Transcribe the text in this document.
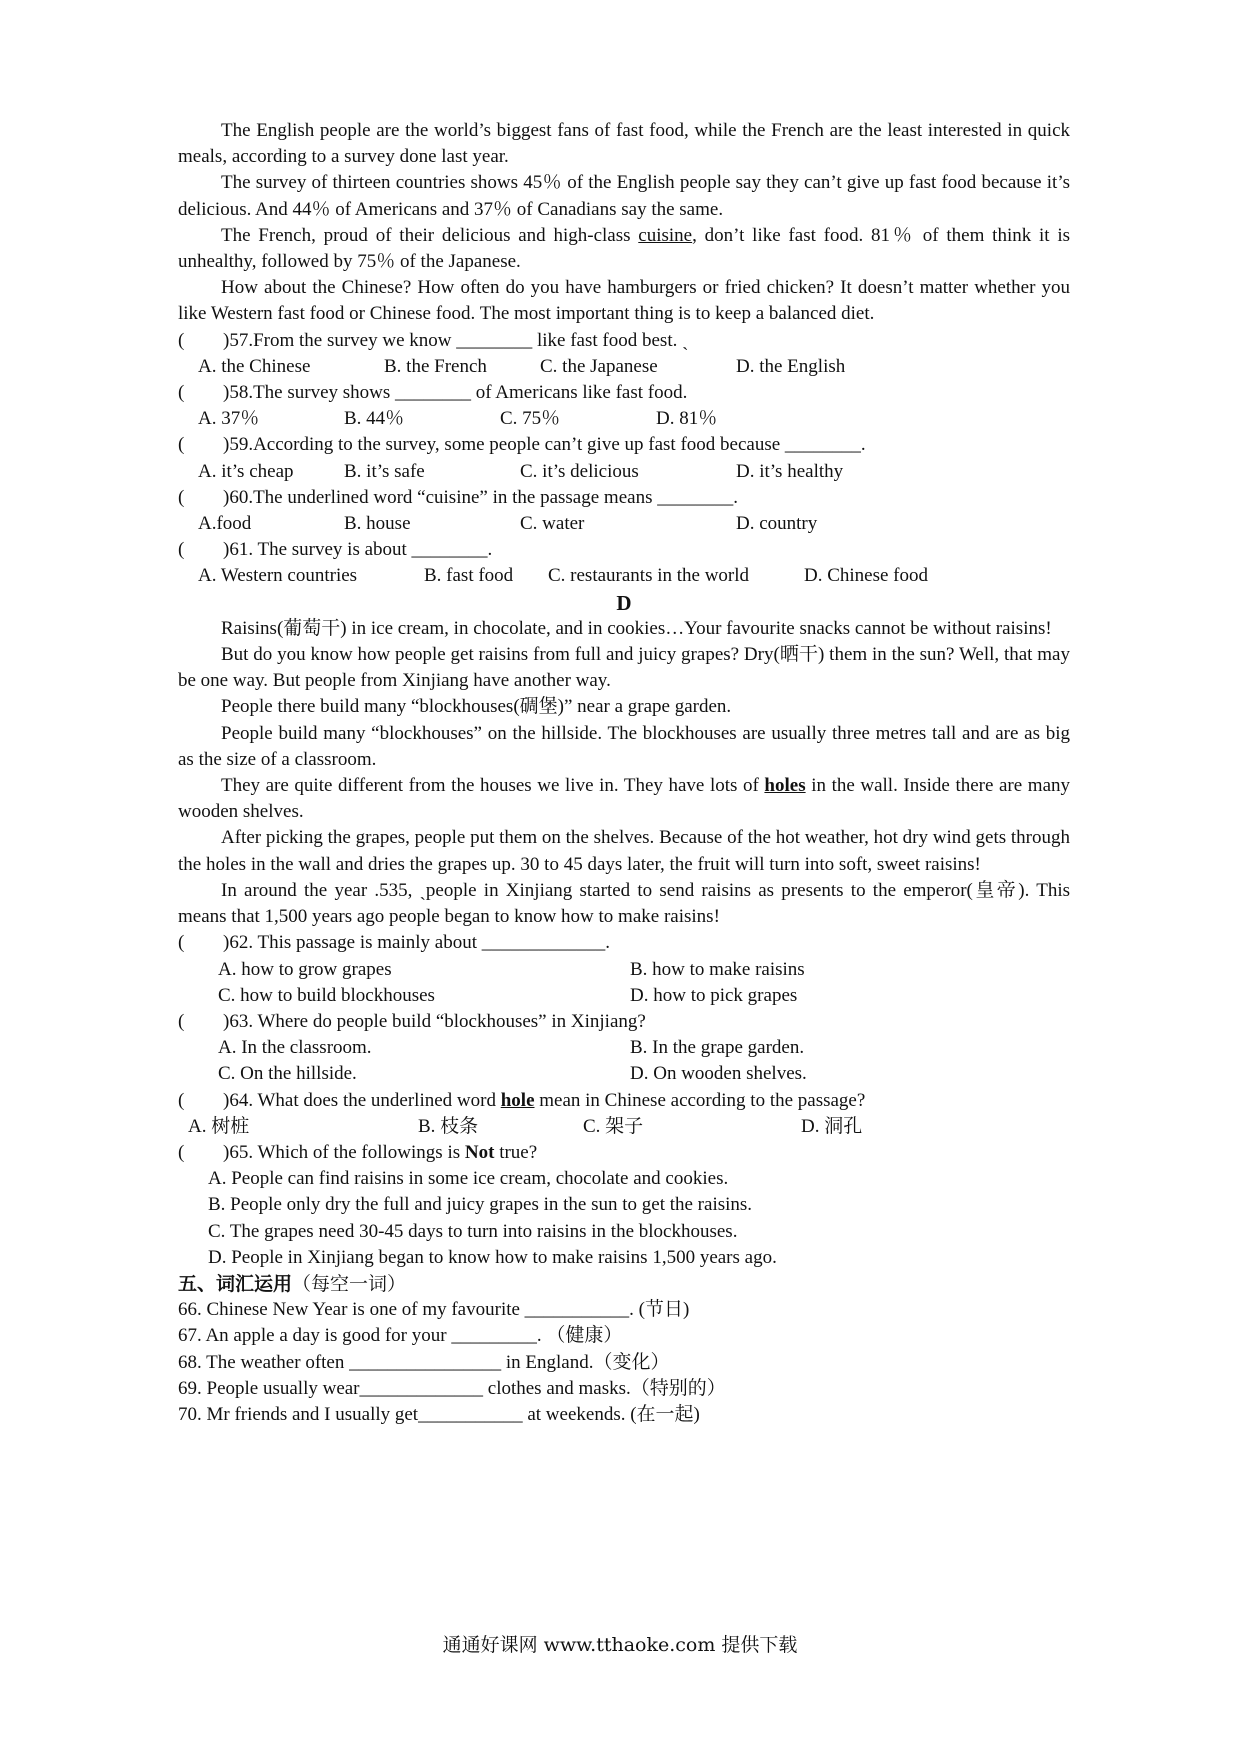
The English people are the world’s biggest fans of fast food, while the French are the least interested in quick meals, according to a survey done last year.

The survey of thirteen countries shows 45％ of the English people say they can’t give up fast food because it’s delicious. And 44％ of Americans and 37％ of Canadians say the same.

The French, proud of their delicious and high-class cuisine, don’t like fast food. 81％ of them think it is unhealthy, followed by 75％ of the Japanese.

How about the Chinese? How often do you have hamburgers or fried chicken? It doesn’t matter whether you like Western fast food or Chinese food. The most important thing is to keep a balanced diet.

(	)57.From the survey we know ________ like fast food best. ˎ
A. the Chinese	B. the French	C. the Japanese	D. the English
(	)58.The survey shows ________ of Americans like fast food.
A. 37％	B. 44％	C. 75％	D. 81％
(	)59.According to the survey, some people can’t give up fast food because ________.
A. it’s cheap	B. it’s safe	C. it’s delicious	D. it’s healthy
(	)60.The underlined word “cuisine” in the passage means ________.
A.food	B. house	C. water	D. country
(	)61. The survey is about ________.
A. Western countries	B. fast food	C. restaurants in the world	D. Chinese food

D

Raisins(葡萄干) in ice cream, in chocolate, and in cookies…Your favourite snacks cannot be without raisins!

But do you know how people get raisins from full and juicy grapes? Dry(晒干) them in the sun? Well, that may be one way. But people from Xinjiang have another way.

People there build many “blockhouses(碉堡)” near a grape garden.

People build many “blockhouses” on the hillside. The blockhouses are usually three metres tall and are as big as the size of a classroom.

They are quite different from the houses we live in. They have lots of holes in the wall. Inside there are many wooden shelves.

After picking the grapes, people put them on the shelves. Because of the hot weather, hot dry wind gets through the holes in the wall and dries the grapes up. 30 to 45 days later, the fruit will turn into soft, sweet raisins!

In around the year .535, ˏpeople in Xinjiang started to send raisins as presents to the emperor(皇帝). This means that 1,500 years ago people began to know how to make raisins!

(	)62. This passage is mainly about _____________.
A. how to grow grapes	B. how to make raisins
C. how to build blockhouses	D. how to pick grapes
(	)63. Where do people build “blockhouses” in Xinjiang?
A. In the classroom.	B. In the grape garden.
C. On the hillside.	D. On wooden shelves.
(	)64. What does the underlined word hole mean in Chinese according to the passage?
A. 树桩	B. 枝条	C. 架子	D. 洞孔
(	)65. Which of the followings is Not true?

A. People can find raisins in some ice cream, chocolate and cookies.

B. People only dry the full and juicy grapes in the sun to get the raisins.

C. The grapes need 30-45 days to turn into raisins in the blockhouses.

D. People in Xinjiang began to know how to make raisins 1,500 years ago.

五、词汇运用（每空一词）

66. Chinese New Year is one of my favourite ___________. (节日)

67. An apple a day is good for your _________. （健康）

68. The weather often ________________ in England.（变化）

69. People usually wear_____________ clothes and masks.（特别的）

70. Mr friends and I usually get___________ at weekends. (在一起)

通通好课网 www.tthaoke.com 提供下载
